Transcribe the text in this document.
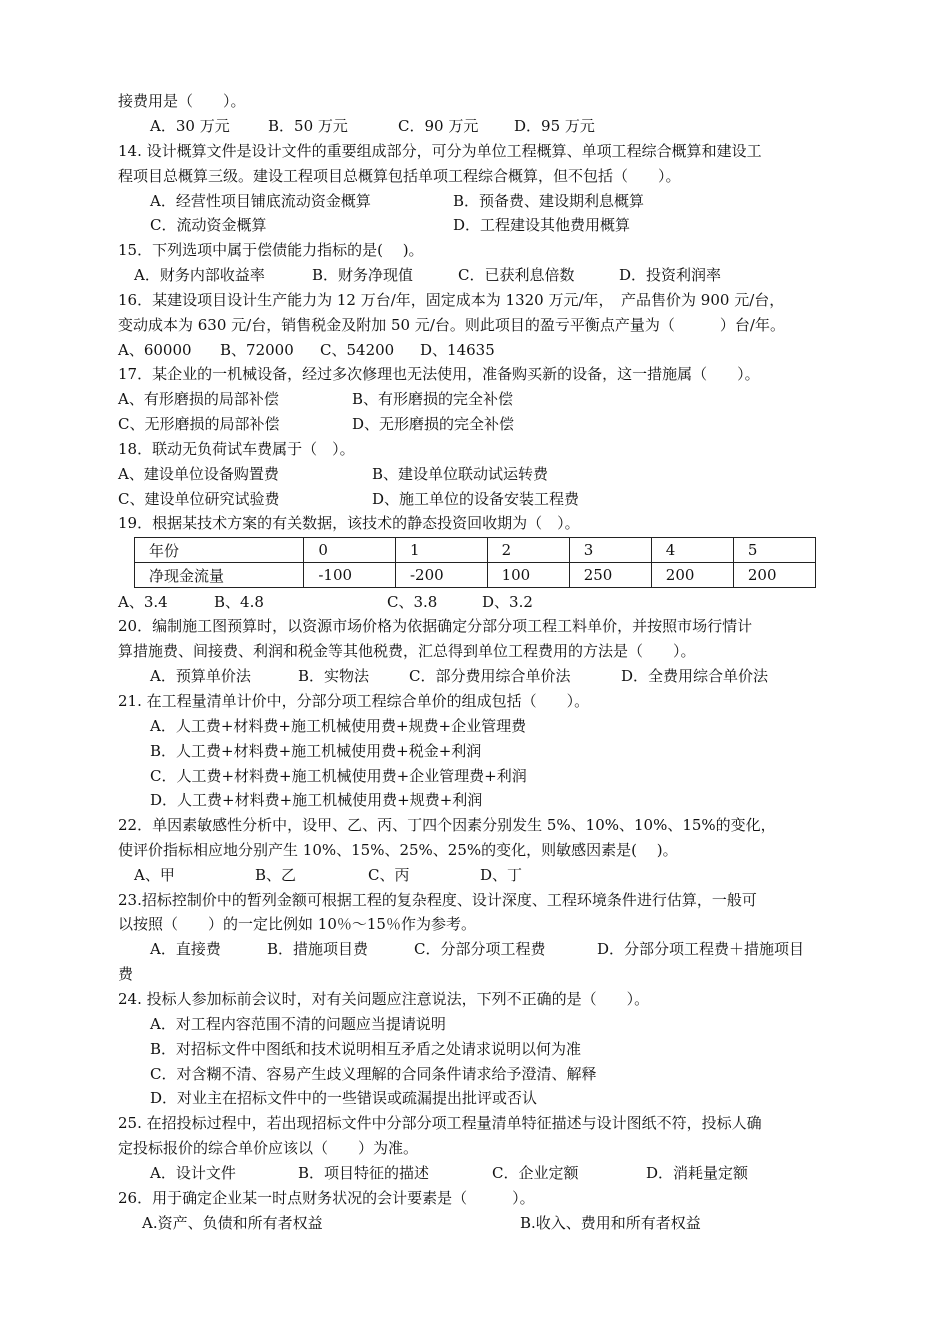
接费用是（　　）。
A．30 万元	B．50 万元	C．90 万元 D．95 万元
14. 设计概算文件是设计文件的重要组成部分，可分为单位工程概算、单项工程综合概算和建设工
程项目总概算三级。建设工程项目总概算包括单项工程综合概算，但不包括（　　）。
A．经营性项目铺底流动资金概算	B．预备费、建设期利息概算
C．流动资金概算	D．工程建设其他费用概算
15．下列选项中属于偿债能力指标的是(　 )。
A．财务内部收益率	B．财务净现值	C．已获利息倍数	D．投资利润率
16．某建设项目设计生产能力为 12 万台/年，固定成本为 1320 万元/年，　产品售价为 900 元/台，
变动成本为 630 元/台，销售税金及附加 50 元/台。则此项目的盈亏平衡点产量为（　　　）台/年。
A、60000 B、72000 C、54200 D、14635
17．某企业的一机械设备，经过多次修理也无法使用，准备购买新的设备，这一措施属（　　）。
A、有形磨损的局部补偿	B、有形磨损的完全补偿
C、无形磨损的局部补偿	D、无形磨损的完全补偿
18．联动无负荷试车费属于（　）。
A、建设单位设备购置费	B、建设单位联动试运转费
C、建设单位研究试验费	D、施工单位的设备安装工程费
19．根据某技术方案的有关数据，该技术的静态投资回收期为（　）。
年份	0	1	2	3	4	5
净现金流量	-100	-200	100	250	200	200
A、3.4	B、4.8	C、3.8	D、3.2
20．编制施工图预算时，以资源市场价格为依据确定分部分项工程工料单价，并按照市场行情计
算措施费、间接费、利润和税金等其他税费，汇总得到单位工程费用的方法是（　　）。
A．预算单价法	B．实物法	C．部分费用综合单价法	D．全费用综合单价法
21. 在工程量清单计价中，分部分项工程综合单价的组成包括（　　）。
A．人工费+材料费+施工机械使用费+规费+企业管理费
B．人工费+材料费+施工机械使用费+税金+利润
C．人工费+材料费+施工机械使用费+企业管理费+利润
D．人工费+材料费+施工机械使用费+规费+利润
22．单因素敏感性分析中，设甲、乙、丙、丁四个因素分别发生 5%、10%、10%、15%的变化，
使评价指标相应地分别产生 10%、15%、25%、25%的变化，则敏感因素是(　 )。
A、甲	B、乙	C、丙	D、丁
23.招标控制价中的暂列金额可根据工程的复杂程度、设计深度、工程环境条件进行估算，一般可
以按照（　　）的一定比例如 10％～15％作为参考。
A．直接费	B．措施项目费	C．分部分项工程费	D．分部分项工程费＋措施项目
费
24. 投标人参加标前会议时，对有关问题应注意说法，下列不正确的是（　　）。
A．对工程内容范围不清的问题应当提请说明
B．对招标文件中图纸和技术说明相互矛盾之处请求说明以何为准
C．对含糊不清、容易产生歧义理解的合同条件请求给予澄清、解释
D．对业主在招标文件中的一些错误或疏漏提出批评或否认
25. 在招投标过程中，若出现招标文件中分部分项工程量清单特征描述与设计图纸不符，投标人确
定投标报价的综合单价应该以（　　）为准。
A．设计文件	B．项目特征的描述	C．企业定额	D．消耗量定额
26．用于确定企业某一时点财务状况的会计要素是（　　　）。
A.资产、负债和所有者权益	B.收入、费用和所有者权益
